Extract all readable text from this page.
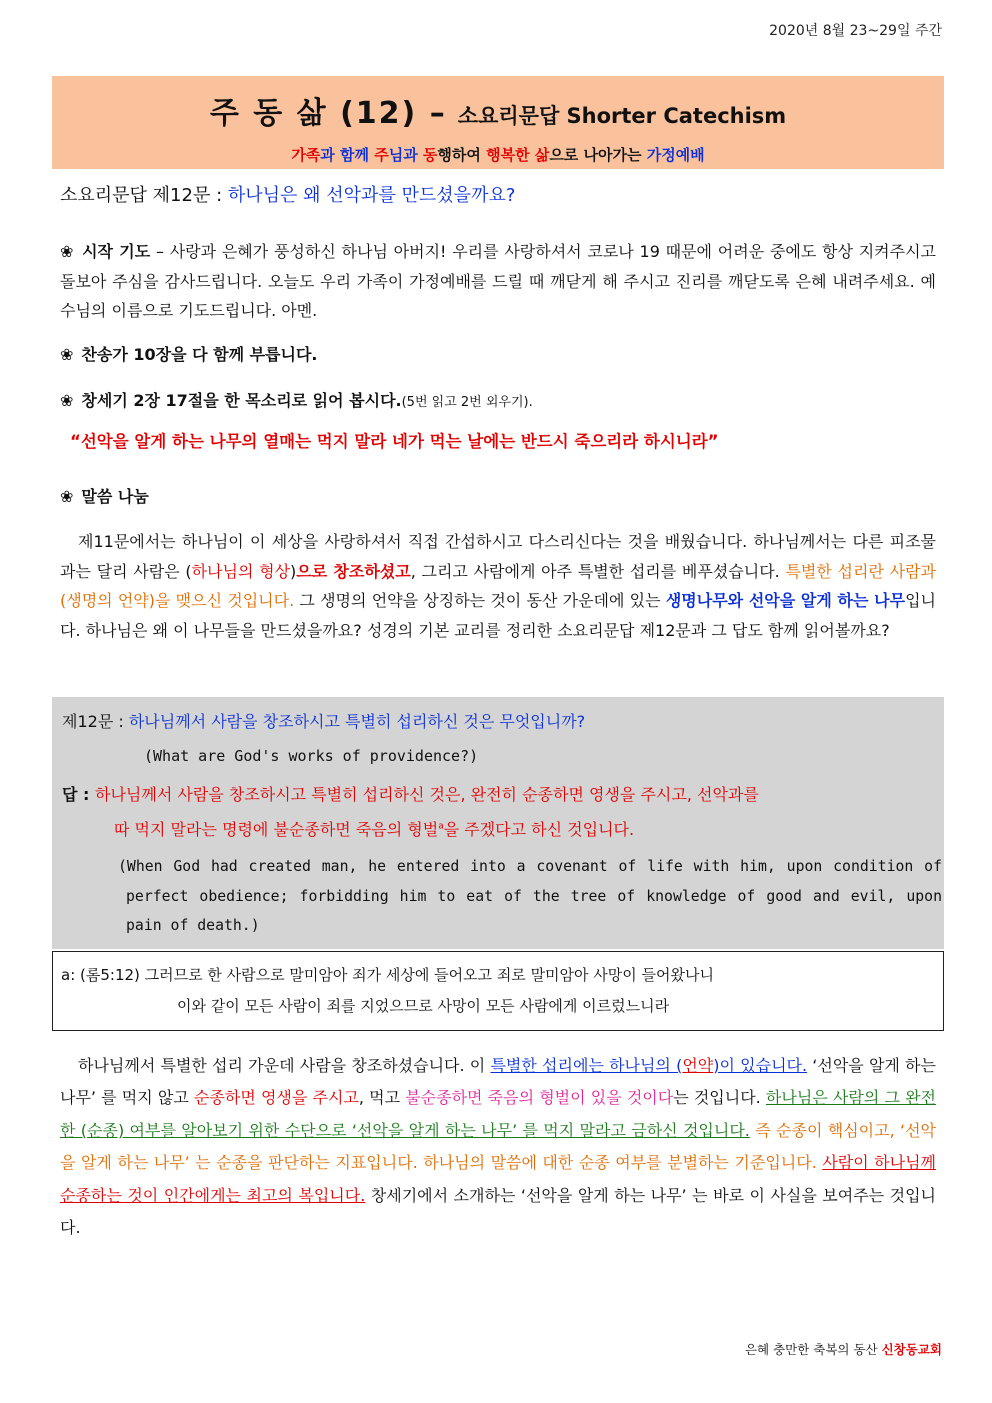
2020년 8월 23~29일 주간
주 동 삶 (12) – 소요리문답 Shorter Catechism
가족과 함께 주님과 동행하여 행복한 삶으로 나아가는 가정예배
소요리문답 제12문 : 하나님은 왜 선악과를 만드셨을까요?
❀ 시작 기도 – 사랑과 은혜가 풍성하신 하나님 아버지! 우리를 사랑하셔서 코로나 19 때문에 어려운 중에도 항상 지켜주시고 돌보아 주심을 감사드립니다. 오늘도 우리 가족이 가정예배를 드릴 때 깨닫게 해 주시고 진리를 깨닫도록 은혜 내려주세요. 예수님의 이름으로 기도드립니다. 아멘.
❀ 찬송가 10장을 다 함께 부릅니다.
❀ 창세기 2장 17절을 한 목소리로 읽어 봅시다.(5번 읽고 2번 외우기).
“선악을 알게 하는 나무의 열매는 먹지 말라 네가 먹는 날에는 반드시 죽으리라 하시니라”
❀ 말씀 나눔
제11문에서는 하나님이 이 세상을 사랑하셔서 직접 간섭하시고 다스리신다는 것을 배웠습니다. 하나님께서는 다른 피조물과는 달리 사람은 (하나님의 형상)으로 창조하셨고, 그리고 사람에게 아주 특별한 섭리를 베푸셨습니다. 특별한 섭리란 사람과 (생명의 언약)을 맺으신 것입니다. 그 생명의 언약을 상징하는 것이 동산 가운데에 있는 생명나무와 선악을 알게 하는 나무입니다. 하나님은 왜 이 나무들을 만드셨을까요? 성경의 기본 교리를 정리한 소요리문답 제12문과 그 답도 함께 읽어볼까요?
제12문 : 하나님께서 사람을 창조하시고 특별히 섭리하신 것은 무엇입니까?
(What are God's works of providence?)
답 : 하나님께서 사람을 창조하시고 특별히 섭리하신 것은, 완전히 순종하면 영생을 주시고, 선악과를
따 먹지 말라는 명령에 불순종하면 죽음의 형벌$^a$을 주겠다고 하신 것입니다.
(When God had created man, he entered into a covenant of life with him, upon condition of perfect obedience; forbidding him to eat of the tree of knowledge of good and evil, upon pain of death.)
a: (롬5:12) 그러므로 한 사람으로 말미암아 죄가 세상에 들어오고 죄로 말미암아 사망이 들어왔나니
이와 같이 모든 사람이 죄를 지었으므로 사망이 모든 사람에게 이르렀느니라
하나님께서 특별한 섭리 가운데 사람을 창조하셨습니다. 이 특별한 섭리에는 하나님의 (언약)이 있습니다. ‘선악을 알게 하는 나무’ 를 먹지 않고 순종하면 영생을 주시고, 먹고 불순종하면 죽음의 형벌이 있을 것이다는 것입니다. 하나님은 사람의 그 완전한 (순종) 여부를 알아보기 위한 수단으로 ‘선악을 알게 하는 나무’ 를 먹지 말라고 금하신 것입니다. 즉 순종이 핵심이고, ‘선악을 알게 하는 나무’ 는 순종을 판단하는 지표입니다. 하나님의 말씀에 대한 순종 여부를 분별하는 기준입니다. 사람이 하나님께 순종하는 것이 인간에게는 최고의 복입니다. 창세기에서 소개하는 ‘선악을 알게 하는 나무’ 는 바로 이 사실을 보여주는 것입니다.
은혜 충만한 축복의 동산 신창동교회
